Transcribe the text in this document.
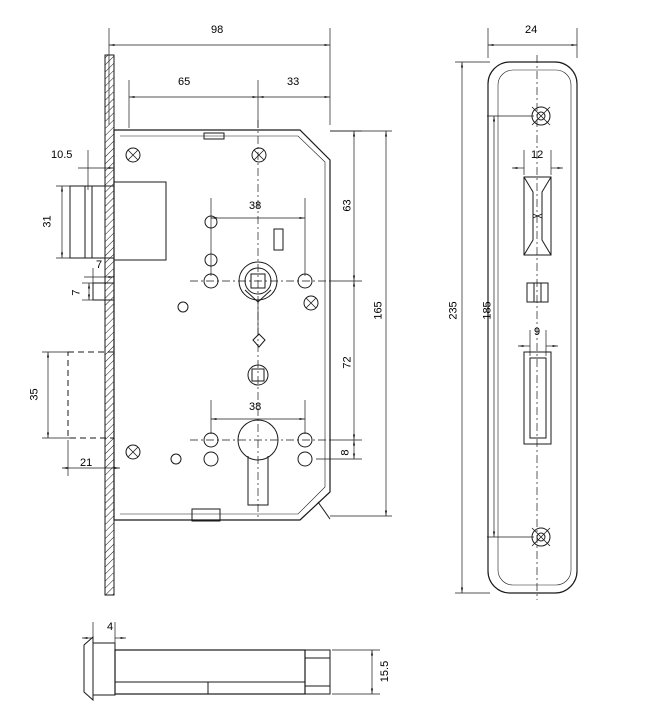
98
65	33
10.5
31
7
7
35
21
38
38
63
72
8
165
24
12
9
235 185
4
15.5
